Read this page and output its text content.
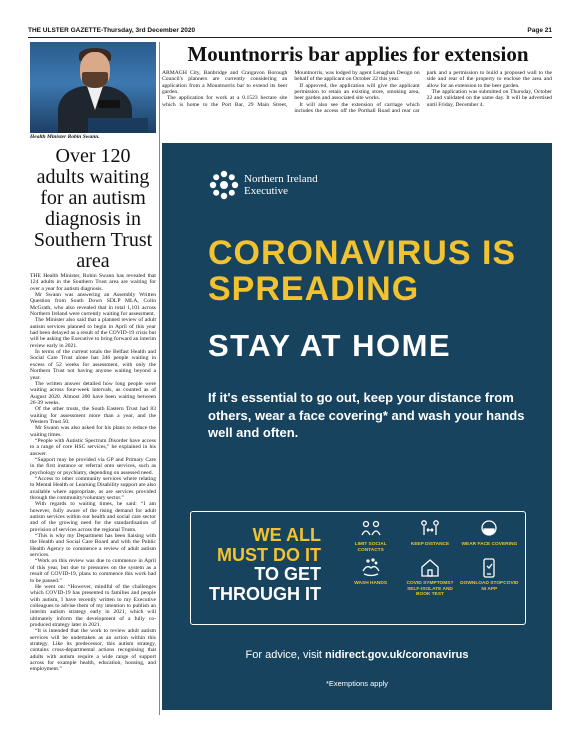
THE ULSTER GAZETTE-Thursday, 3rd December 2020	Page 21
Health Minister Robin Swann.
Over 120 adults waiting for an autism diagnosis in Southern Trust area

THE Health Minister, Robin Swann has revealed that 124 adults in the Southern Trust area are waiting for over a year for autism diagnosis.

Mr Swann was answering an Assembly Written Question from South Down SDLP MLA, Colin McGrath, who also revealed that in total 1,101 across Northern Ireland were currently waiting for assessment.

The Minister also said that a planned review of adult autism services planned to begin in April of this year had been delayed as a result of the COVID-19 crisis but will be asking the Executive to bring forward an interim review early in 2021.

In terms of the current totals the Belfast Health and Social Care Trust alone has 346 people waiting in excess of 52 weeks for assessment, with only the Northern Trust not having anyone waiting beyond a year.

The written answer detailed how long people were waiting across four-week intervals, as counted as of August 2020. Almost 200 have been waiting between 26-39 weeks.

Of the other trusts, the South Eastern Trust had 83 waiting for assessment more than a year, and the Western Trust 50.

Mr Swann was also asked for his plans to reduce the waiting times.

“People with Autistic Spectrum Disorder have access to a range of core HSC services,” he explained in his answer.

“Support may be provided via GP and Primary Care in the first instance or referral onto services, such as psychology or psychiatry, depending on assessed need.

“Access to other community services where relating to Mental Health or Learning Disability support are also available where appropriate, as are services provided through the community/voluntary sector.”

With regards to waiting times, he said: “I am however, fully aware of the rising demand for adult autism services within our health and social care sector and of the growing need for the standardisation of provision of services across the regional Trusts.

“This is why my Department has been liaising with the Health and Social Care Board and with the Public Health Agency to commence a review of adult autism services.

“Work on this review was due to commence in April of this year, but due to pressures on the system as a result of COVID-19, plans to commence this work had to be paused.”

He went on: “However, mindful of the challenges which COVID-19 has presented to families and people with autism, I have recently written to my Executive colleagues to advise them of my intention to publish an interim autism strategy early in 2021, which will ultimately inform the development of a fully co-produced strategy later in 2021.

“It is intended that the work to review adult autism services will be undertaken as an action within this strategy. Like its predecessor, this autism strategy, contains cross-departmental actions recognising that adults with autism require a wide range of support across for example health, education, housing, and employment.”

Mountnorris bar applies for extension

ARMAGH City, Banbridge and Craigavon Borough Council's planners are currently considering an application from a Mountnorris bar to extend its beer garden.

The application for work at a 0.1523 hectare site which is home to the Port Bar, 29 Main Street, Mountnorris, was lodged by agent Lenaghan Design on behalf of the applicant on October 22 this year.

If approved, the application will give the applicant permission to retain an existing store, smoking area, beer garden and associated site works.

It will also see the extension of carriage which includes the access off the Porthall Road and rear car park and a permission to build a proposed wall to the side and rear of the property to enclose the area and allow for an extension to the beer garden.

The application was submitted on Thursday, October 22 and validated on the same day. It will be advertised until Friday, December 4.

Northern Ireland
Executive
CORONAVIRUS IS SPREADING
STAY AT HOME
If it's essential to go out, keep your distance from others, wear a face covering* and wash your hands well and often.
WE ALL MUST DO IT
TO GET THROUGH IT
LIMIT SOCIAL CONTACTS
KEEP DISTANCE	WEAR FACE COVERING
WASH HANDS	COVID SYMPTOMS? SELF-ISOLATE AND BOOK TEST
DOWNLOAD STOPCOVID NI APP
For advice, visit nidirect.gov.uk/coronavirus
*Exemptions apply
